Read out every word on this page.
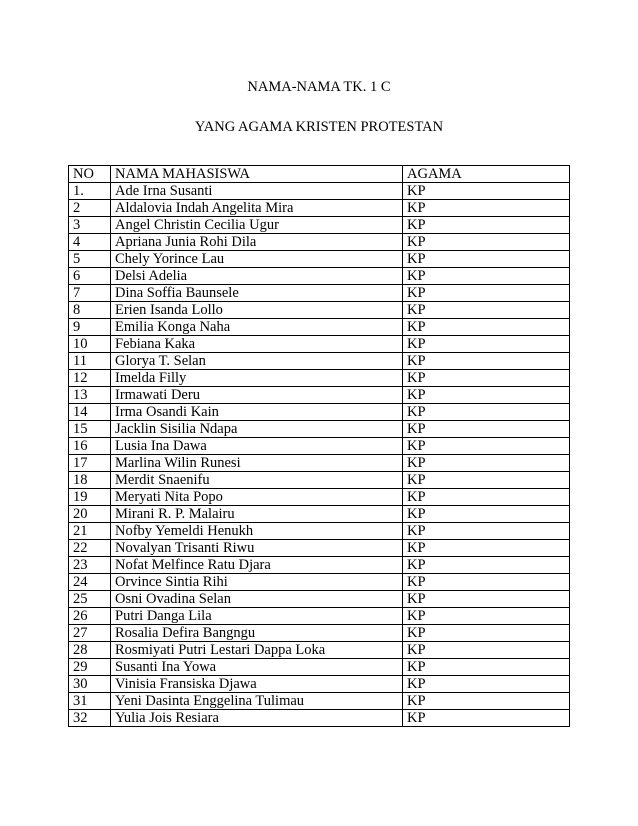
NAMA-NAMA TK. 1 C
YANG AGAMA KRISTEN PROTESTAN
NO	NAMA MAHASISWA	AGAMA
1.	Ade Irna Susanti	KP
2	Aldalovia Indah Angelita Mira	KP
3	Angel Christin Cecilia Ugur	KP
4	Apriana Junia Rohi Dila	KP
5	Chely Yorince Lau	KP
6	Delsi Adelia	KP
7	Dina Soffia Baunsele	KP
8	Erien Isanda Lollo	KP
9	Emilia Konga Naha	KP
10	Febiana Kaka	KP
11	Glorya T. Selan	KP
12	Imelda Filly	KP
13	Irmawati Deru	KP
14	Irma Osandi Kain	KP
15	Jacklin Sisilia Ndapa	KP
16	Lusia Ina Dawa	KP
17	Marlina Wilin Runesi	KP
18	Merdit Snaenifu	KP
19	Meryati Nita Popo	KP
20	Mirani R. P. Malairu	KP
21	Nofby Yemeldi Henukh	KP
22	Novalyan Trisanti Riwu	KP
23	Nofat Melfince Ratu Djara	KP
24	Orvince Sintia Rihi	KP
25	Osni Ovadina Selan	KP
26	Putri Danga Lila	KP
27	Rosalia Defira Bangngu	KP
28	Rosmiyati Putri Lestari Dappa Loka	KP
29	Susanti Ina Yowa	KP
30	Vinisia Fransiska Djawa	KP
31	Yeni Dasinta Enggelina Tulimau	KP
32	Yulia Jois Resiara	KP
